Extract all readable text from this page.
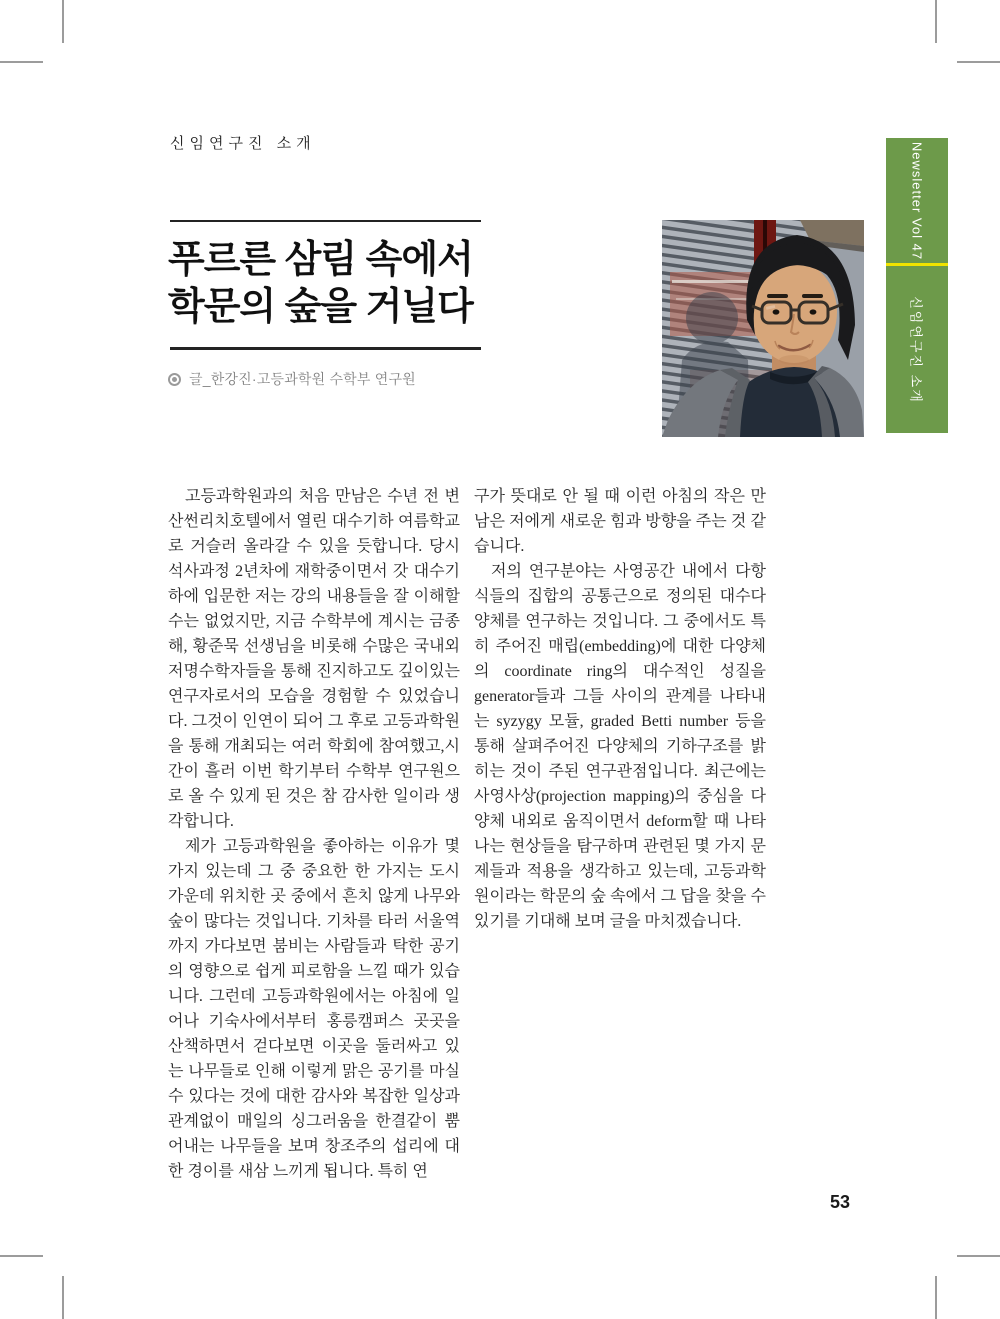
신임연구진 소개
푸르른 삼림 속에서
학문의 숲을 거닐다
글_한강진·고등과학원 수학부 연구원
Newsletter Vol 47
신임연구진 소개

고등과학원과의 처음 만남은 수년 전 변산썬리치호텔에서 열린 대수기하 여름학교로 거슬러 올라갈 수 있을 듯합니다. 당시 석사과정 2년차에 재학중이면서 갓 대수기하에 입문한 저는 강의 내용들을 잘 이해할 수는 없었지만, 지금 수학부에 계시는 금종해, 황준묵 선생님을 비롯해 수많은 국내외 저명수학자들을 통해 진지하고도 깊이있는 연구자로서의 모습을 경험할 수 있었습니다. 그것이 인연이 되어 그 후로 고등과학원을 통해 개최되는 여러 학회에 참여했고,시간이 흘러 이번 학기부터 수학부 연구원으로 올 수 있게 된 것은 참 감사한 일이라 생각합니다.

제가 고등과학원을 좋아하는 이유가 몇 가지 있는데 그 중 중요한 한 가지는 도시 가운데 위치한 곳 중에서 흔치 않게 나무와 숲이 많다는 것입니다. 기차를 타러 서울역까지 가다보면 붐비는 사람들과 탁한 공기의 영향으로 쉽게 피로함을 느낄 때가 있습니다. 그런데 고등과학원에서는 아침에 일어나 기숙사에서부터 홍릉캠퍼스 곳곳을 산책하면서 걷다보면 이곳을 둘러싸고 있는 나무들로 인해 이렇게 맑은 공기를 마실 수 있다는 것에 대한 감사와 복잡한 일상과 관계없이 매일의 싱그러움을 한결같이 뿜어내는 나무들을 보며 창조주의 섭리에 대한 경이를 새삼 느끼게 됩니다. 특히 연

구가 뜻대로 안 될 때 이런 아침의 작은 만남은 저에게 새로운 힘과 방향을 주는 것 같습니다.

저의 연구분야는 사영공간 내에서 다항식들의 집합의 공통근으로 정의된 대수다양체를 연구하는 것입니다. 그 중에서도 특히 주어진 매립(embedding)에 대한 다양체의 coordinate ring의 대수적인 성질을 generator들과 그들 사이의 관계를 나타내는 syzygy 모듈, graded Betti number 등을 통해 살펴주어진 다양체의 기하구조를 밝히는 것이 주된 연구관점입니다. 최근에는 사영사상(projection mapping)의 중심을 다양체 내외로 움직이면서 deform할 때 나타나는 현상들을 탐구하며 관련된 몇 가지 문제들과 적용을 생각하고 있는데, 고등과학원이라는 학문의 숲 속에서 그 답을 찾을 수 있기를 기대해 보며 글을 마치겠습니다.

53
